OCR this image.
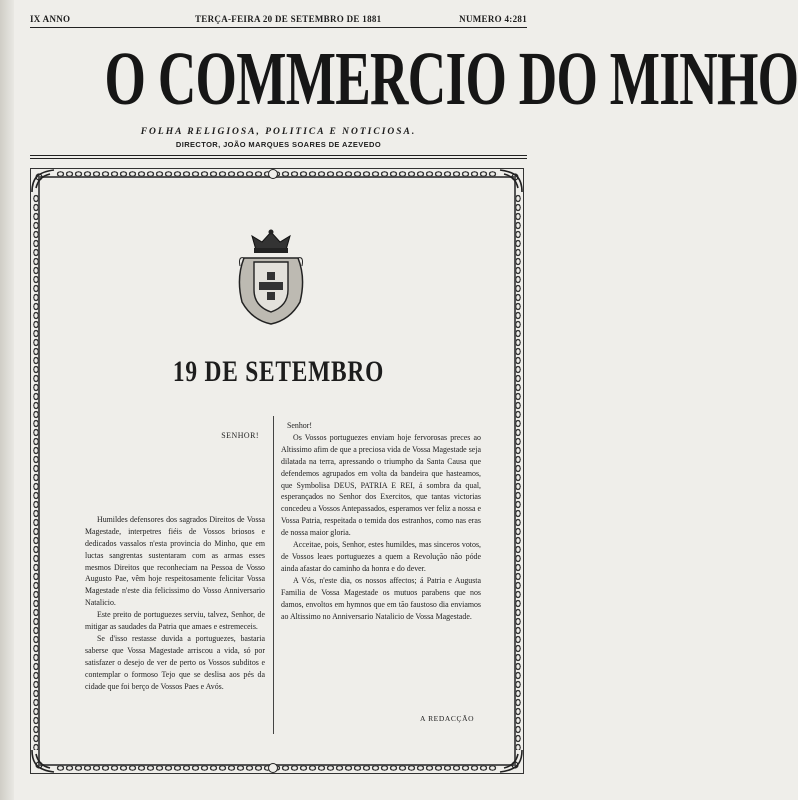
IX ANNO	TERÇA-FEIRA 20 DE SETEMBRO DE 1881	NUMERO 4:281
O COMMERCIO DO MINHO
FOLHA RELIGIOSA, POLITICA E NOTICIOSA.
DIRECTOR, JOÃO MARQUES SOARES DE AZEVEDO
19 DE SETEMBRO

SENHOR!

Humildes defensores dos sagrados Direitos de Vossa Magestade, interpetres fiéis de Vossos briosos e dedicados vassalos n'esta provincia do Minho, que em luctas sangrentas sustentaram com as armas esses mesmos Direitos que reconheciam na Pessoa de Vosso Augusto Pae, vêm hoje respeitosamente felicitar Vossa Magestade n'este dia felicissimo do Vosso Anniversario Natalicio.

Este preito de portuguezes serviu, talvez, Senhor, de mitigar as saudades da Patria que amaes e estremeceis.

Se d'isso restasse duvida a portuguezes, bastaria saberse que Vossa Magestade arriscou a vida, só por satisfazer o desejo de ver de perto os Vossos subditos e contemplar o formoso Tejo que se deslisa aos pés da cidade que foi berço de Vossos Paes e Avós.

Senhor!

Os Vossos portuguezes enviam hoje fervorosas preces ao Altissimo afim de que a preciosa vida de Vossa Magestade seja dilatada na terra, apressando o triumpho da Santa Causa que defendemos agrupados em volta da bandeira que hasteamos, que Symbolisa DEUS, PATRIA E REI, á sombra da qual, esperançados no Senhor dos Exercitos, que tantas victorias concedeu a Vossos Antepassados, esperamos ver feliz a nossa e Vossa Patria, respeitada o temida dos estranhos, como nas eras de nossa maior gloria.

Acceitae, pois, Senhor, estes humildes, mas sinceros votos, de Vossos leaes portuguezes a quem a Revolução não póde ainda afastar do caminho da honra e do dever.

A Vós, n'este dia, os nossos affectos; á Patria e Augusta Familia de Vossa Magestade os mutuos parabens que nos damos, envoltos em hymnos que em tão faustoso dia enviamos ao Altissimo no Anniversario Natalicio de Vossa Magestade.

A REDACÇÃO
